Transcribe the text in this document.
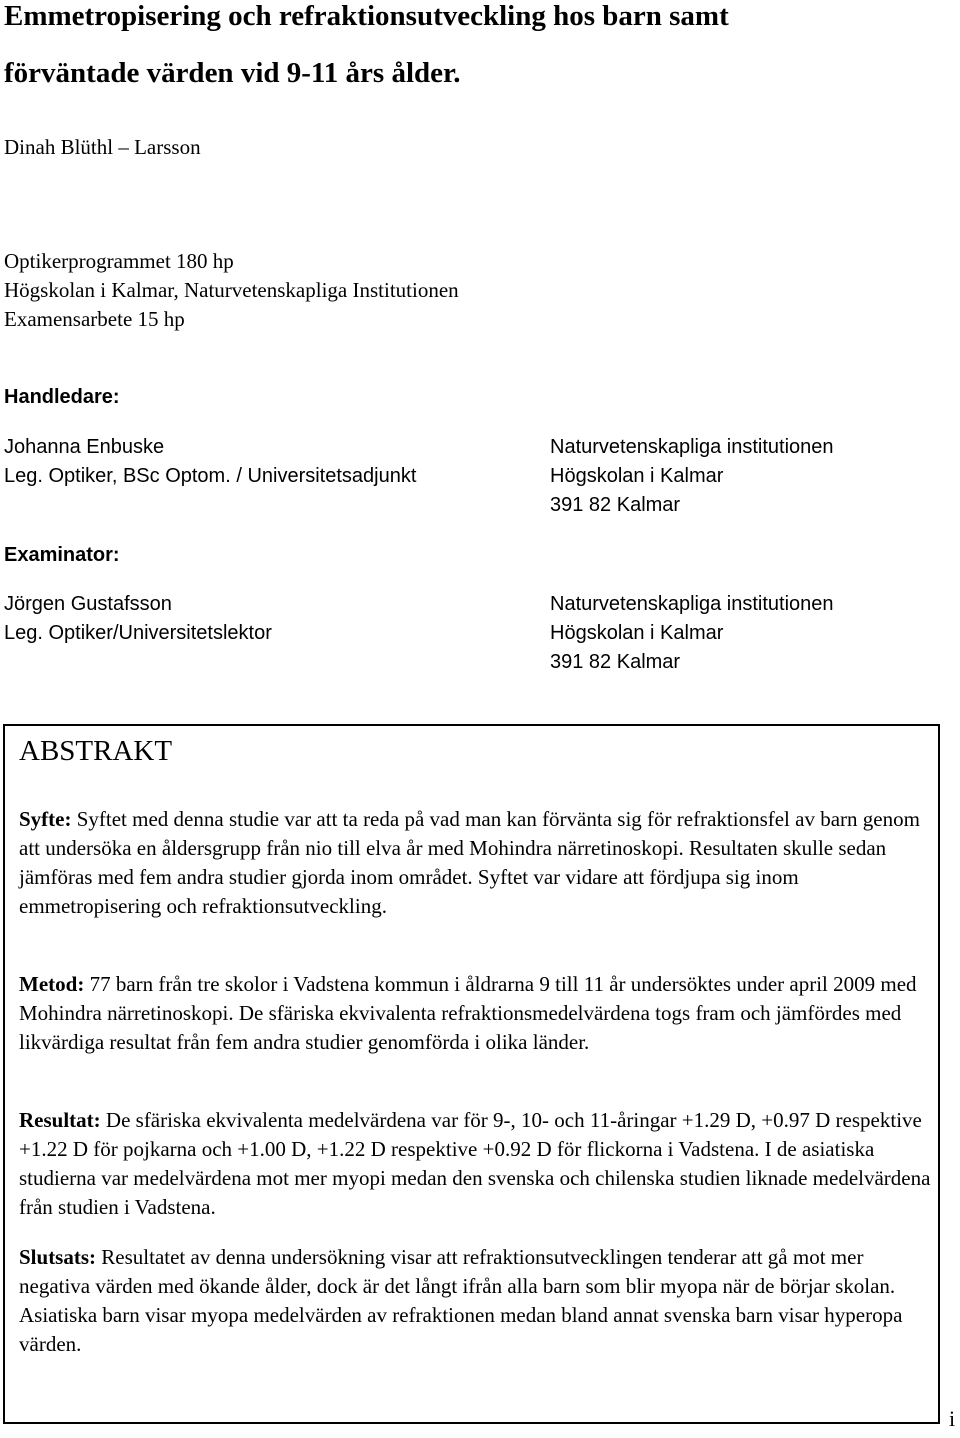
Emmetropisering och refraktionsutveckling hos barn samt
förväntade värden vid 9-11 års ålder.
Dinah Blüthl – Larsson
Optikerprogrammet 180 hp
Högskolan i Kalmar, Naturvetenskapliga Institutionen
Examensarbete 15 hp
Handledare:
Johanna Enbuske
Leg. Optiker, BSc Optom. / Universitetsadjunkt
Naturvetenskapliga institutionen
Högskolan i Kalmar
391 82 Kalmar
Examinator:
Jörgen Gustafsson
Leg. Optiker/Universitetslektor
Naturvetenskapliga institutionen
Högskolan i Kalmar
391 82 Kalmar
ABSTRAKT

Syfte: Syftet med denna studie var att ta reda på vad man kan förvänta sig för refraktionsfel av barn genom att undersöka en åldersgrupp från nio till elva år med Mohindra närretinoskopi. Resultaten skulle sedan jämföras med fem andra studier gjorda inom området. Syftet var vidare att fördjupa sig inom emmetropisering och refraktionsutveckling.

Metod: 77 barn från tre skolor i Vadstena kommun i åldrarna 9 till 11 år undersöktes under april 2009 med Mohindra närretinoskopi. De sfäriska ekvivalenta refraktionsmedelvärdena togs fram och jämfördes med likvärdiga resultat från fem andra studier genomförda i olika länder.

Resultat: De sfäriska ekvivalenta medelvärdena var för 9-, 10- och 11-åringar +1.29 D, +0.97 D respektive +1.22 D för pojkarna och +1.00 D, +1.22 D respektive +0.92 D för flickorna i Vadstena. I de asiatiska studierna var medelvärdena mot mer myopi medan den svenska och chilenska studien liknade medelvärdena från studien i Vadstena.

Slutsats: Resultatet av denna undersökning visar att refraktionsutvecklingen tenderar att gå mot mer negativa värden med ökande ålder, dock är det långt ifrån alla barn som blir myopa när de börjar skolan. Asiatiska barn visar myopa medelvärden av refraktionen medan bland annat svenska barn visar hyperopa värden.

i
